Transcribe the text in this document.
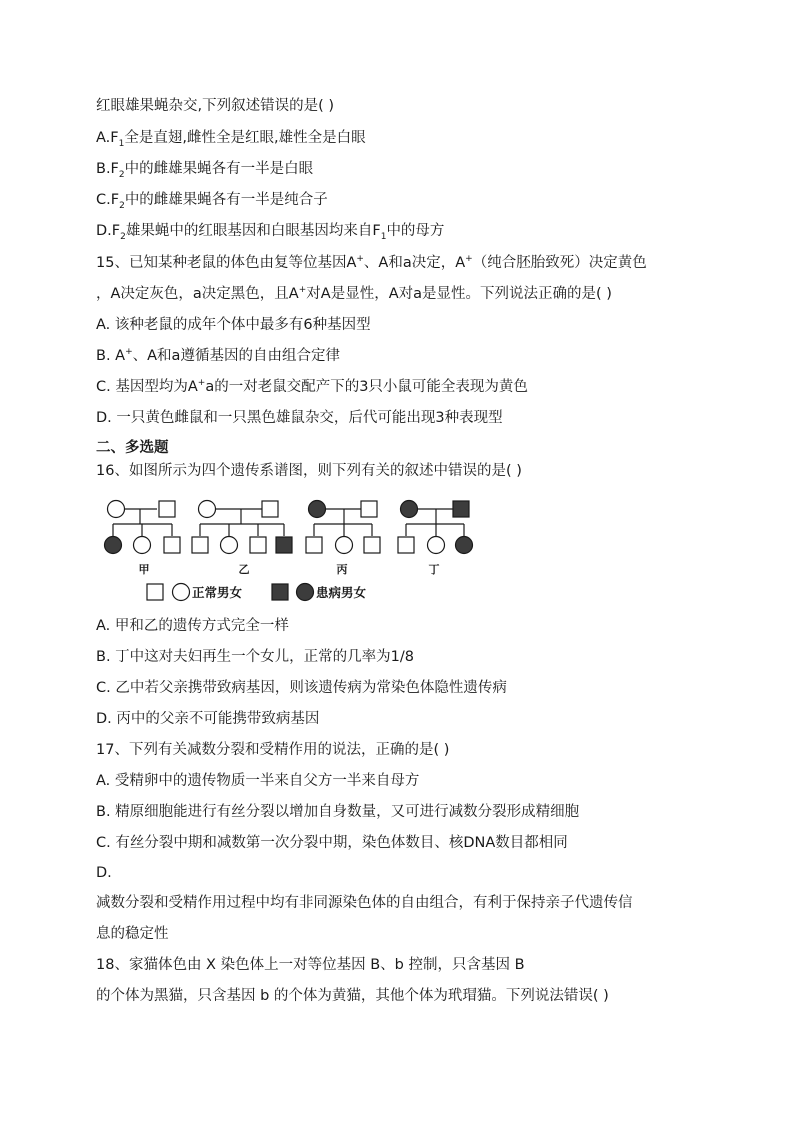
红眼雄果蝇杂交,下列叙述错误的是( )
$A.F_1$全是直翅,雌性全是红眼,雄性全是白眼
$B.F_2$中的雌雄果蝇各有一半是白眼
$C.F_2$中的雌雄果蝇各有一半是纯合子
$D.F_2$雄果蝇中的红眼基因和白眼基因均来自$F_1$中的母方
15、已知某种老鼠的体色由复等位基因A+、A和a决定，A+（纯合胚胎致死）决定黄色
，A决定灰色，a决定黑色，且A+对A是显性，A对a是显性。下列说法正确的是( )
A. 该种老鼠的成年个体中最多有6种基因型
B. A+、A和a遵循基因的自由组合定律
C. 基因型均为A+a的一对老鼠交配产下的3只小鼠可能全表现为黄色
D. 一只黄色雌鼠和一只黑色雄鼠杂交，后代可能出现3种表现型
二、多选题
16、如图所示为四个遗传系谱图，则下列有关的叙述中错误的是( )
甲	乙	丙	丁
正常男女	患病男女
A. 甲和乙的遗传方式完全一样
B. 丁中这对夫妇再生一个女儿，正常的几率为1/8
C. 乙中若父亲携带致病基因，则该遗传病为常染色体隐性遗传病
D. 丙中的父亲不可能携带致病基因
17、下列有关减数分裂和受精作用的说法，正确的是( )
A. 受精卵中的遗传物质一半来自父方一半来自母方
B. 精原细胞能进行有丝分裂以增加自身数量，又可进行减数分裂形成精细胞
C. 有丝分裂中期和减数第一次分裂中期，染色体数目、核DNA数目都相同
D.
减数分裂和受精作用过程中均有非同源染色体的自由组合，有利于保持亲子代遗传信
息的稳定性
18、家猫体色由 X 染色体上一对等位基因 B、b 控制，只含基因 B
的个体为黑猫，只含基因 b 的个体为黄猫，其他个体为玳瑁猫。下列说法错误( )
